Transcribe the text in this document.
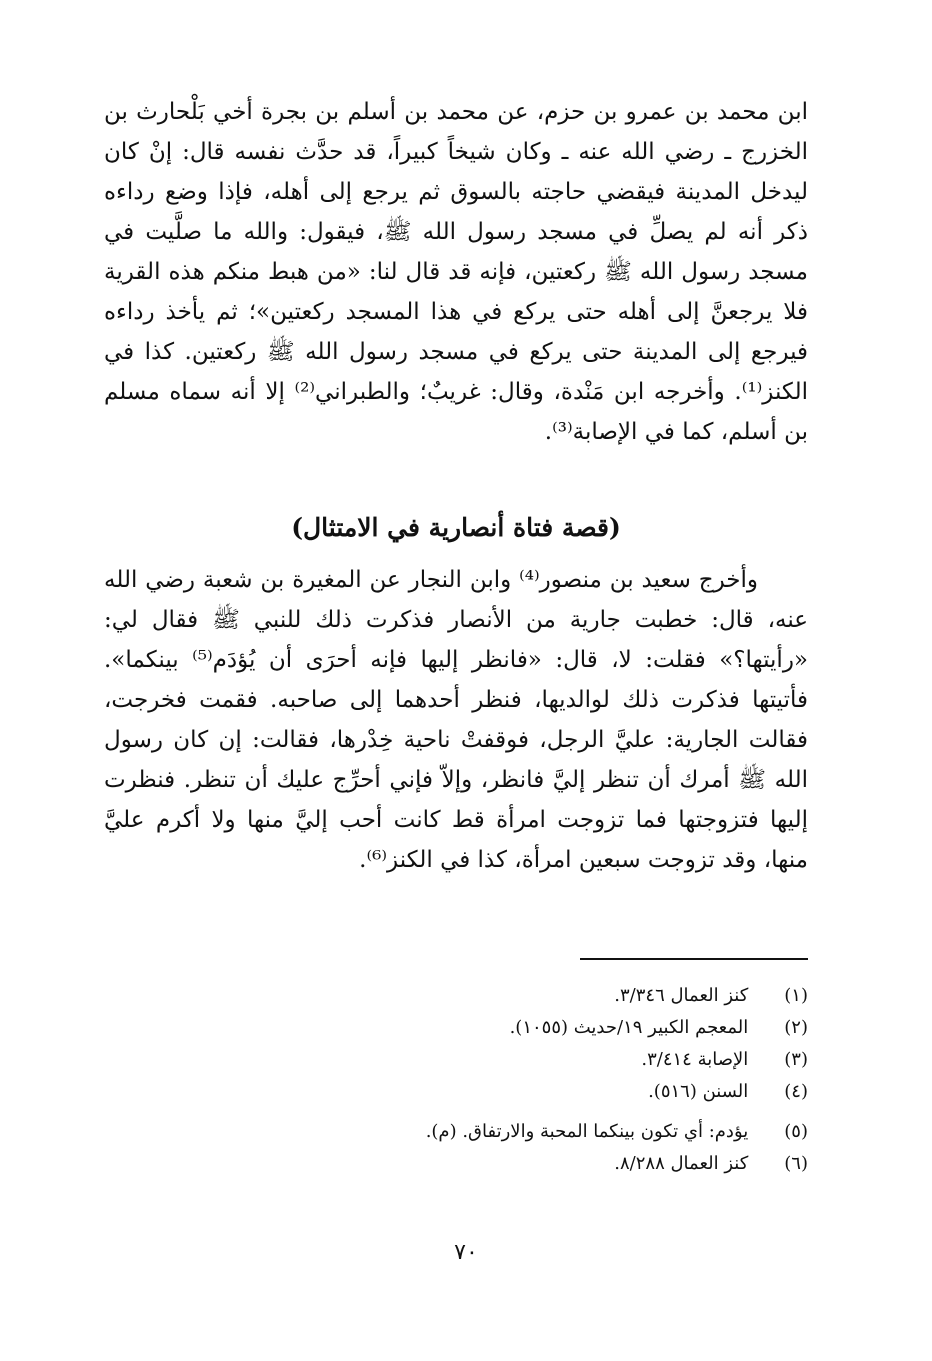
ابن محمد بن عمرو بن حزم، عن محمد بن أسلم بن بجرة أخي بَلْحارث بن الخزرج ـ رضي الله عنه ـ وكان شيخاً كبيراً، قد حدَّث نفسه قال: إنْ كان ليدخل المدينة فيقضي حاجته بالسوق ثم يرجع إلى أهله، فإذا وضع رداءه ذكر أنه لم يصلِّ في مسجد رسول الله ﷺ، فيقول: والله ما صلَّيت في مسجد رسول الله ﷺ ركعتين، فإنه قد قال لنا: «من هبط منكم هذه القرية فلا يرجعنَّ إلى أهله حتى يركع في هذا المسجد ركعتين»؛ ثم يأخذ رداءه فيرجع إلى المدينة حتى يركع في مسجد رسول الله ﷺ ركعتين. كذا في الكنز⁽¹⁾. وأخرجه ابن مَنْدة، وقال: غريبٌ؛ والطبراني⁽²⁾ إلا أنه سماه مسلم بن أسلم، كما في الإصابة⁽³⁾.

(قصة فتاة أنصارية في الامتثال)

وأخرج سعيد بن منصور⁽⁴⁾ وابن النجار عن المغيرة بن شعبة رضي الله عنه، قال: خطبت جارية من الأنصار فذكرت ذلك للنبي ﷺ فقال لي: «رأيتها؟» فقلت: لا، قال: «فانظر إليها فإنه أحرَى أن يُؤدَم⁽⁵⁾ بينكما». فأتيتها فذكرت ذلك لوالديها، فنظر أحدهما إلى صاحبه. فقمت فخرجت، فقالت الجارية: عليَّ الرجل، فوقفتْ ناحية خِدْرها، فقالت: إن كان رسول الله ﷺ أمرك أن تنظر إليَّ فانظر، وإلاّ فإني أحرِّج عليك أن تنظر. فنظرت إليها فتزوجتها فما تزوجت امرأة قط كانت أحب إليَّ منها ولا أكرم عليَّ منها، وقد تزوجت سبعين امرأة، كذا في الكنز⁽⁶⁾.

(١) كنز العمال ٣/٣٤٦.
(٢) المعجم الكبير ١٩/حديث (١٠٥٥).
(٣) الإصابة ٣/٤١٤.
(٤) السنن (٥١٦).
(٥) يؤدم: أي تكون بينكما المحبة والارتفاق. (م).
(٦) كنز العمال ٨/٢٨٨.
٧٠
